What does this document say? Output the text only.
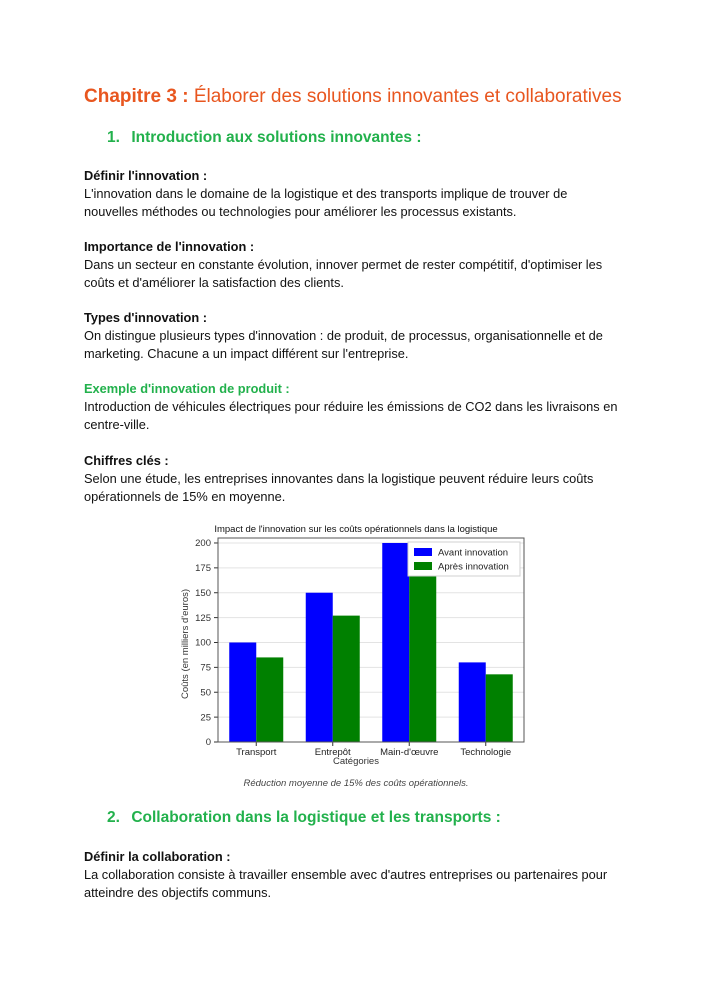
Chapitre 3 : Élaborer des solutions innovantes et collaboratives
1. Introduction aux solutions innovantes :

Définir l'innovation :

L'innovation dans le domaine de la logistique et des transports implique de trouver de nouvelles méthodes ou technologies pour améliorer les processus existants.

Importance de l'innovation :

Dans un secteur en constante évolution, innover permet de rester compétitif, d'optimiser les coûts et d'améliorer la satisfaction des clients.

Types d'innovation :

On distingue plusieurs types d'innovation : de produit, de processus, organisationnelle et de marketing. Chacune a un impact différent sur l'entreprise.

Exemple d'innovation de produit :

Introduction de véhicules électriques pour réduire les émissions de CO2 dans les livraisons en centre-ville.

Chiffres clés :

Selon une étude, les entreprises innovantes dans la logistique peuvent réduire leurs coûts opérationnels de 15% en moyenne.

Impact de l'innovation sur les coûts opérationnels dans la logistique
0
25
50
75
100
125
150
175
200
Transport	Entrepôt	Main-d'œuvre Technologie
Catégories
Coûts (en milliers d'euros)
Avant innovation
Après innovation
Réduction moyenne de 15% des coûts opérationnels.
2. Collaboration dans la logistique et les transports :

Définir la collaboration :

La collaboration consiste à travailler ensemble avec d'autres entreprises ou partenaires pour atteindre des objectifs communs.
